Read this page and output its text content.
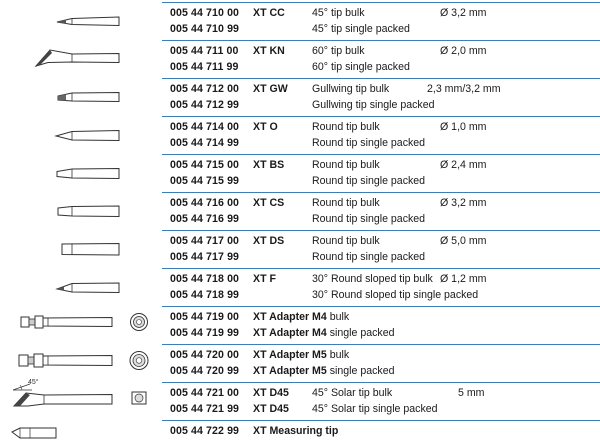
005 44 710 00 XT CC	45° tip bulk	Ø 3,2 mm
005 44 710 99	45° tip single packed
005 44 711 00 XT KN	60° tip bulk	Ø 2,0 mm
005 44 711 99	60° tip single packed
005 44 712 00 XT GW Gullwing tip bulk	2,3 mm/3,2 mm
005 44 712 99	Gullwing tip single packed
005 44 714 00 XT O	Round tip bulk	Ø 1,0 mm
005 44 714 99	Round tip single packed
005 44 715 00 XT BS	Round tip bulk	Ø 2,4 mm
005 44 715 99	Round tip single packed
005 44 716 00 XT CS	Round tip bulk	Ø 3,2 mm
005 44 716 99	Round tip single packed
005 44 717 00 XT DS	Round tip bulk	Ø 5,0 mm
005 44 717 99	Round tip single packed
005 44 718 00 XT F	30° Round sloped tip bulk Ø 1,2 mm
005 44 718 99	30° Round sloped tip single packed
005 44 719 00 XT Adapter M4 bulk
005 44 719 99 XT Adapter M4 single packed
005 44 720 00 XT Adapter M5 bulk
005 44 720 99 XT Adapter M5 single packed
45°
005 44 721 00 XT D45 45° Solar tip bulk	5 mm
005 44 721 99 XT D45 45° Solar tip single packed
005 44 722 99 XT Measuring tip
